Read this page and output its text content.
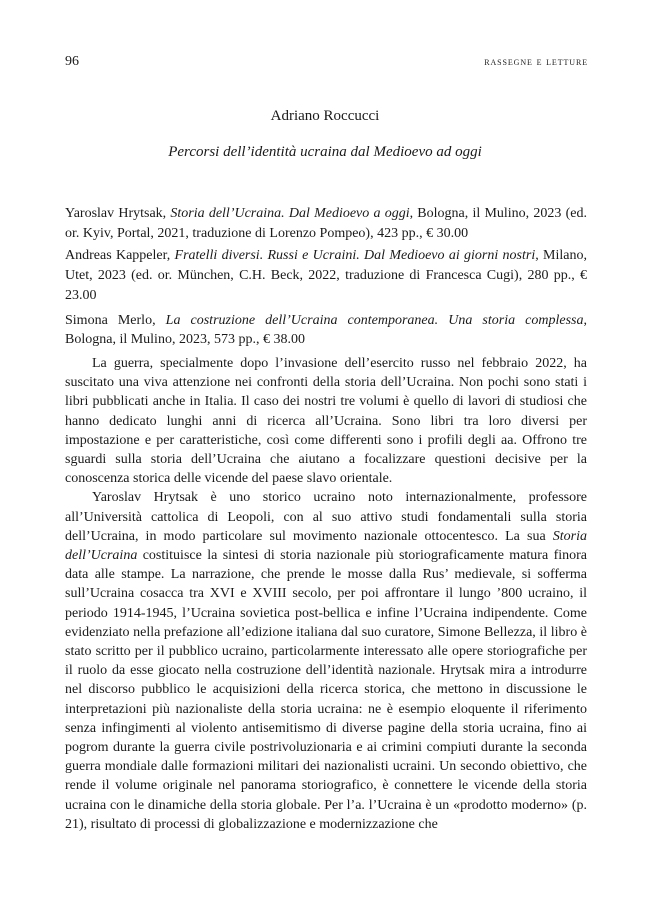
96	rassegne e letture
Adriano Roccucci
Percorsi dell’identità ucraina dal Medioevo ad oggi

Yaroslav Hrytsak, Storia dell’Ucraina. Dal Medioevo a oggi, Bologna, il Mulino, 2023 (ed. or. Kyiv, Portal, 2021, traduzione di Lorenzo Pompeo), 423 pp., € 30.00

Andreas Kappeler, Fratelli diversi. Russi e Ucraini. Dal Medioevo ai giorni nostri, Milano, Utet, 2023 (ed. or. München, C.H. Beck, 2022, traduzione di Francesca Cugi), 280 pp., € 23.00

Simona Merlo, La costruzione dell’Ucraina contemporanea. Una storia complessa, Bologna, il Mulino, 2023, 573 pp., € 38.00

La guerra, specialmente dopo l’invasione dell’esercito russo nel febbraio 2022, ha suscitato una viva attenzione nei confronti della storia dell’Ucraina. Non pochi sono stati i libri pubblicati anche in Italia. Il caso dei nostri tre volumi è quello di lavori di studiosi che hanno dedicato lunghi anni di ricerca all’Ucraina. Sono libri tra loro diversi per impostazione e per caratteristiche, così come differenti sono i profili degli aa. Offrono tre sguardi sulla storia dell’Ucraina che aiutano a focalizzare questioni decisive per la conoscenza storica delle vicende del paese slavo orientale.

Yaroslav Hrytsak è uno storico ucraino noto internazionalmente, professore all’Università cattolica di Leopoli, con al suo attivo studi fondamentali sulla storia dell’Ucraina, in modo particolare sul movimento nazionale ottocentesco. La sua Storia dell’Ucraina costituisce la sintesi di storia nazionale più storiograficamente matura finora data alle stampe. La narrazione, che prende le mosse dalla Rus’ medievale, si sofferma sull’Ucraina cosacca tra XVI e XVIII secolo, per poi affrontare il lungo ’800 ucraino, il periodo 1914-1945, l’Ucraina sovietica post-bellica e infine l’Ucraina indipendente. Come evidenziato nella prefazione all’edizione italiana dal suo curatore, Simone Bellezza, il libro è stato scritto per il pubblico ucraino, particolarmente interessato alle opere storiografiche per il ruolo da esse giocato nella costruzione dell’identità nazionale. Hrytsak mira a introdurre nel discorso pubblico le acquisizioni della ricerca storica, che mettono in discussione le interpretazioni più nazionaliste della storia ucraina: ne è esempio eloquente il riferimento senza infingimenti al violento antisemitismo di diverse pagine della storia ucraina, fino ai pogrom durante la guerra civile postrivoluzionaria e ai crimini compiuti durante la seconda guerra mondiale dalle formazioni militari dei nazionalisti ucraini. Un secondo obiettivo, che rende il volume originale nel panorama storiografico, è connettere le vicende della storia ucraina con le dinamiche della storia globale. Per l’a. l’Ucraina è un «prodotto moderno» (p. 21), risultato di processi di globalizzazione e modernizzazione che
